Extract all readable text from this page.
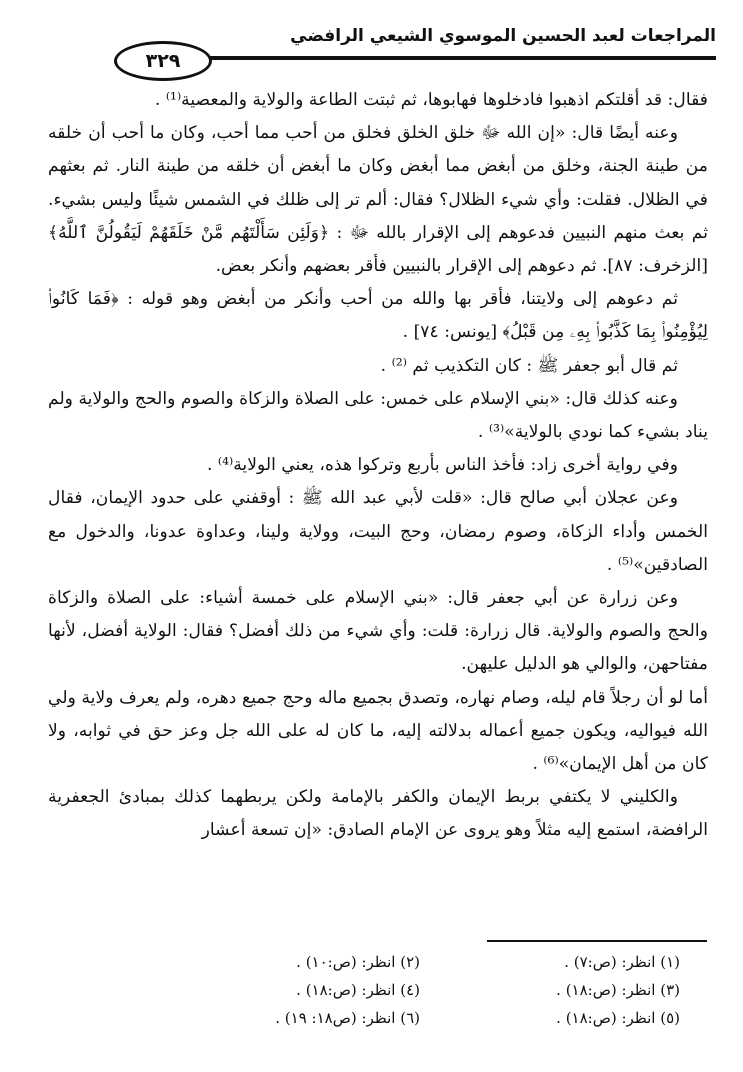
المراجعات لعبد الحسين الموسوي الشيعي الرافضي
٣٢٩

فقال: قد أقلتكم اذهبوا فادخلوها فهابوها، ثم ثبتت الطاعة والولاية والمعصية⁽¹⁾ .

وعنه أيضًا قال: «إن الله ﷻ خلق الخلق فخلق من أحب مما أحب، وكان ما أحب أن خلقه من طينة الجنة، وخلق من أبغض مما أبغض وكان ما أبغض أن خلقه من طينة النار. ثم بعثهم في الظلال. فقلت: وأي شيء الظلال؟ فقال: ألم تر إلى ظلك في الشمس شيئًا وليس بشيء. ثم بعث منهم النبيين فدعوهم إلى الإقرار بالله ﷻ : ﴿وَلَئِن سَأَلْتَهُم مَّنْ خَلَقَهُمْ لَيَقُولُنَّ ٱللَّهُ﴾ [الزخرف: ٨٧]. ثم دعوهم إلى الإقرار بالنبيين فأقر بعضهم وأنكر بعض.

ثم دعوهم إلى ولايتنا، فأقر بها والله من أحب وأنكر من أبغض وهو قوله : ﴿فَمَا كَانُوا۟ لِيُؤْمِنُوا۟ بِمَا كَذَّبُوا۟ بِهِۦ مِن قَبْلُ﴾ [يونس: ٧٤] .

ثم قال أبو جعفر ﷺ : كان التكذيب ثم ⁽²⁾ .

وعنه كذلك قال: «بني الإسلام على خمس: على الصلاة والزكاة والصوم والحج والولاية ولم يناد بشيء كما نودي بالولاية»⁽³⁾ .

وفي رواية أخرى زاد: فأخذ الناس بأربع وتركوا هذه، يعني الولاية⁽⁴⁾ .

وعن عجلان أبي صالح قال: «قلت لأبي عبد الله ﷺ : أوقفني على حدود الإيمان، فقال الخمس وأداء الزكاة، وصوم رمضان، وحج البيت، وولاية ولينا، وعداوة عدونا، والدخول مع الصادقين»⁽⁵⁾ .

وعن زرارة عن أبي جعفر قال: «بني الإسلام على خمسة أشياء: على الصلاة والزكاة والحج والصوم والولاية. قال زرارة: قلت: وأي شيء من ذلك أفضل؟ فقال: الولاية أفضل، لأنها مفتاحهن، والوالي هو الدليل عليهن.

أما لو أن رجلاً قام ليله، وصام نهاره، وتصدق بجميع ماله وحج جميع دهره، ولم يعرف ولاية ولي الله فيواليه، ويكون جميع أعماله بدلالته إليه، ما كان له على الله جل وعز حق في ثوابه، ولا كان من أهل الإيمان»⁽⁶⁾ .

والكليني لا يكتفي بربط الإيمان والكفر بالإمامة ولكن يربطهما كذلك بمبادئ الجعفرية الرافضة، استمع إليه مثلاً وهو يروى عن الإمام الصادق: «إن تسعة أعشار

(١) انظر: (ص:٧) .
(٢) انظر: (ص:١٠) .
(٣) انظر: (ص:١٨) .
(٤) انظر: (ص:١٨) .
(٥) انظر: (ص:١٨) .
(٦) انظر: (ص١٨: ١٩) .
